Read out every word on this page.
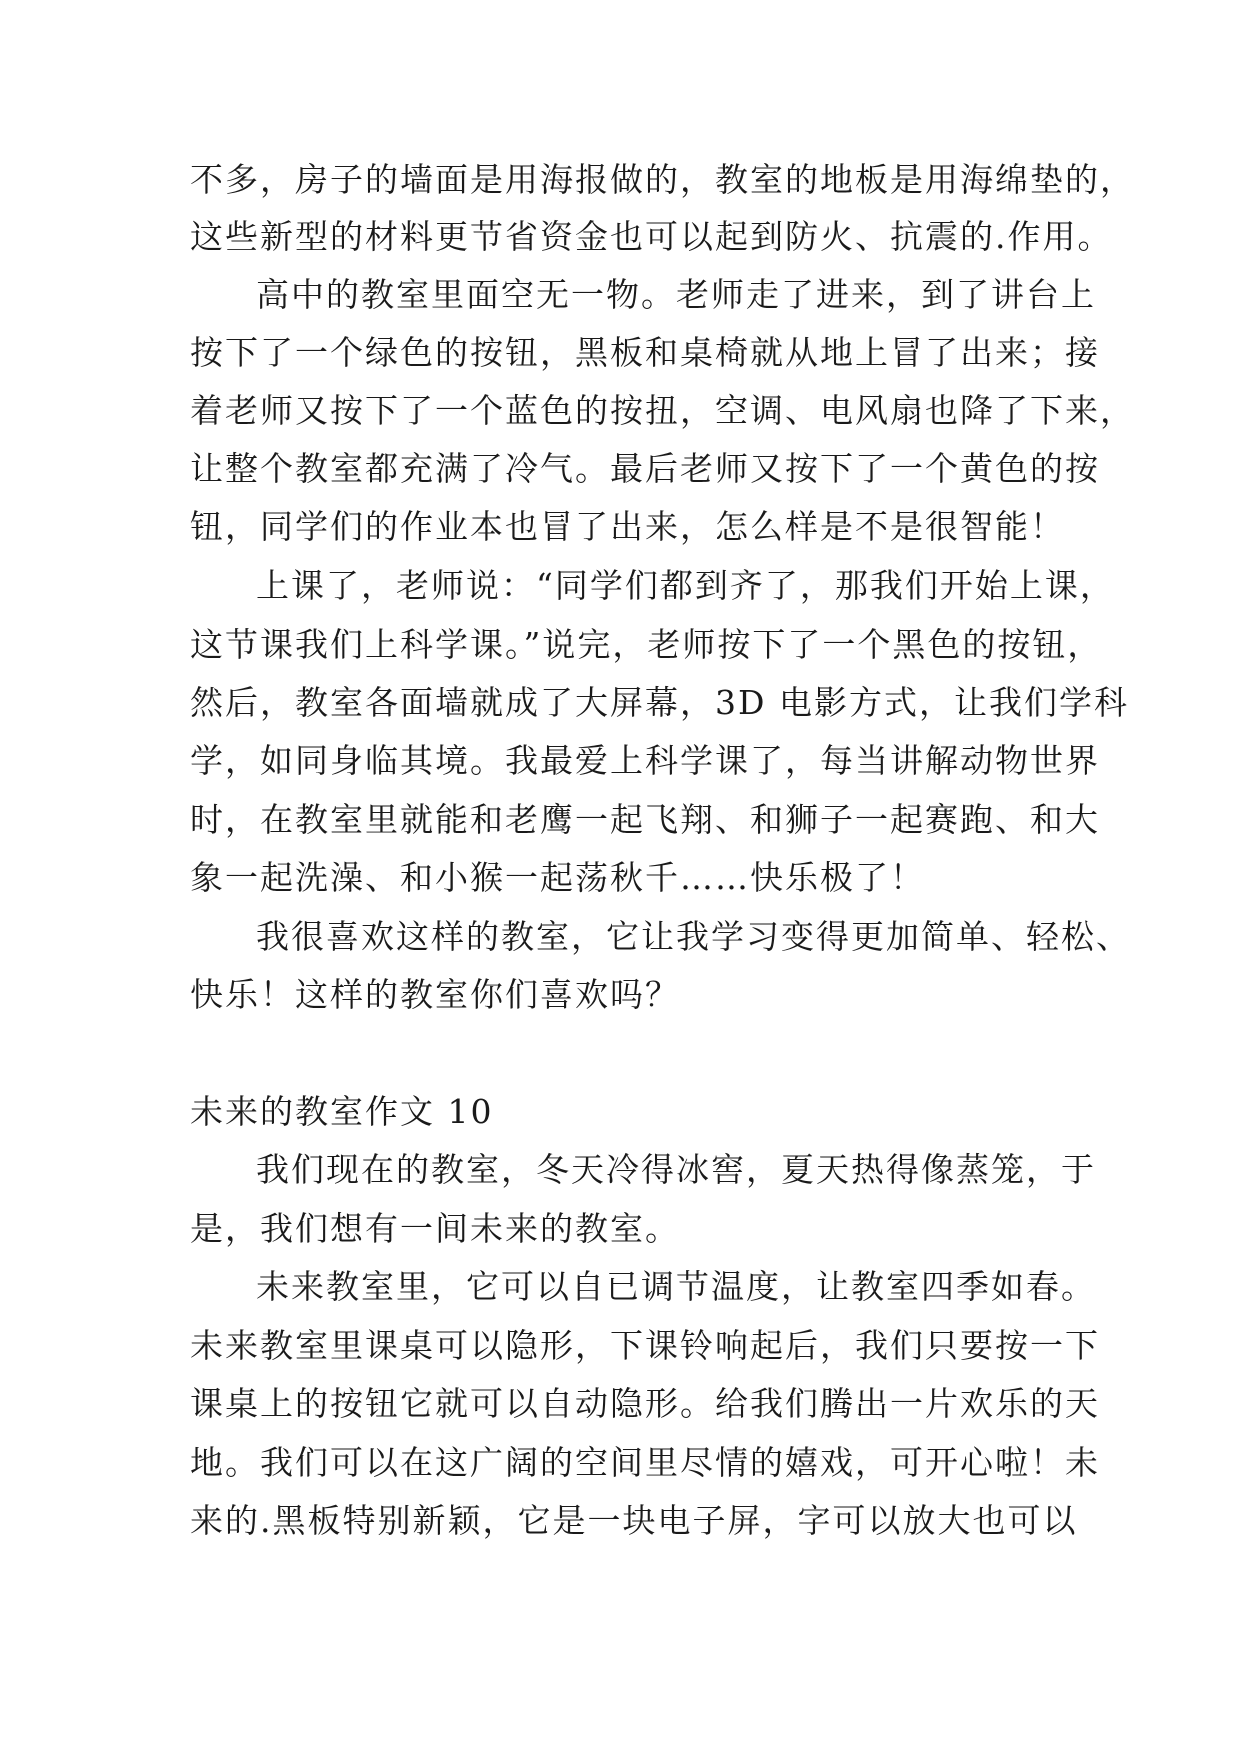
不多，房子的墙面是用海报做的，教室的地板是用海绵垫的，
这些新型的材料更节省资金也可以起到防火、抗震的.作用。
高中的教室里面空无一物。老师走了进来，到了讲台上
按下了一个绿色的按钮，黑板和桌椅就从地上冒了出来；接
着老师又按下了一个蓝色的按扭，空调、电风扇也降了下来，
让整个教室都充满了冷气。最后老师又按下了一个黄色的按
钮，同学们的作业本也冒了出来，怎么样是不是很智能！
上课了，老师说：“同学们都到齐了，那我们开始上课，
这节课我们上科学课。”说完，老师按下了一个黑色的按钮，
然后，教室各面墙就成了大屏幕，3D 电影方式，让我们学科
学，如同身临其境。我最爱上科学课了，每当讲解动物世界
时，在教室里就能和老鹰一起飞翔、和狮子一起赛跑、和大
象一起洗澡、和小猴一起荡秋千……快乐极了！
我很喜欢这样的教室，它让我学习变得更加简单、轻松、
快乐！这样的教室你们喜欢吗？
未来的教室作文 10
我们现在的教室，冬天冷得冰窖，夏天热得像蒸笼，于
是，我们想有一间未来的教室。
未来教室里，它可以自已调节温度，让教室四季如春。
未来教室里课桌可以隐形，下课铃响起后，我们只要按一下
课桌上的按钮它就可以自动隐形。给我们腾出一片欢乐的天
地。我们可以在这广阔的空间里尽情的嬉戏，可开心啦！未
来的.黑板特别新颖，它是一块电子屏，字可以放大也可以
